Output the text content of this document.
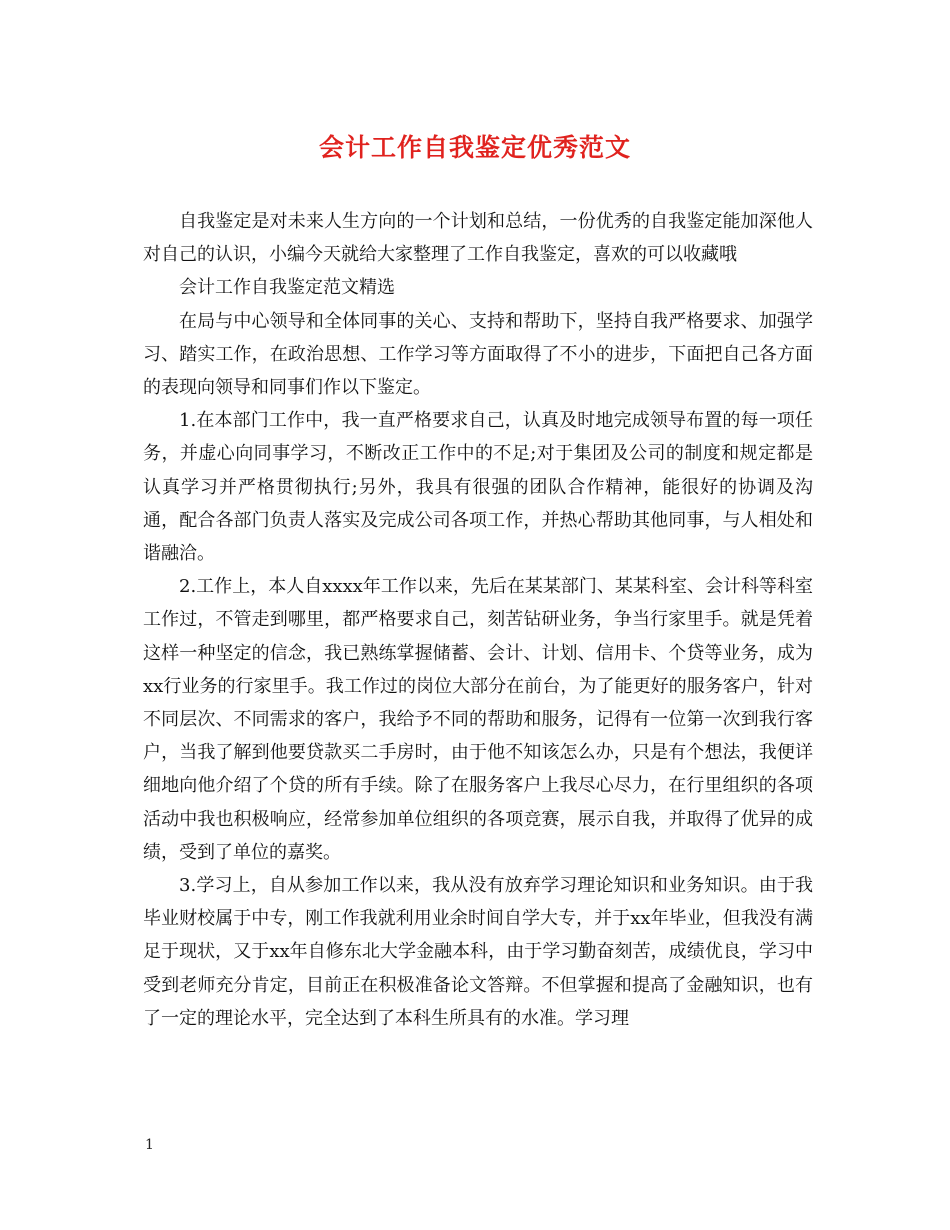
会计工作自我鉴定优秀范文

自我鉴定是对未来人生方向的一个计划和总结，一份优秀的自我鉴定能加深他人对自己的认识，小编今天就给大家整理了工作自我鉴定，喜欢的可以收藏哦

会计工作自我鉴定范文精选

在局与中心领导和全体同事的关心、支持和帮助下，坚持自我严格要求、加强学习、踏实工作，在政治思想、工作学习等方面取得了不小的进步，下面把自己各方面的表现向领导和同事们作以下鉴定。

1.在本部门工作中，我一直严格要求自己，认真及时地完成领导布置的每一项任务，并虚心向同事学习，不断改正工作中的不足;对于集团及公司的制度和规定都是认真学习并严格贯彻执行;另外，我具有很强的团队合作精神，能很好的协调及沟通，配合各部门负责人落实及完成公司各项工作，并热心帮助其他同事，与人相处和谐融洽。

2.工作上，本人自xxxx年工作以来，先后在某某部门、某某科室、会计科等科室工作过，不管走到哪里，都严格要求自己，刻苦钻研业务，争当行家里手。就是凭着这样一种坚定的信念，我已熟练掌握储蓄、会计、计划、信用卡、个贷等业务，成为xx行业务的行家里手。我工作过的岗位大部分在前台，为了能更好的服务客户，针对不同层次、不同需求的客户，我给予不同的帮助和服务，记得有一位第一次到我行客户，当我了解到他要贷款买二手房时，由于他不知该怎么办，只是有个想法，我便详细地向他介绍了个贷的所有手续。除了在服务客户上我尽心尽力，在行里组织的各项活动中我也积极响应，经常参加单位组织的各项竞赛，展示自我，并取得了优异的成绩，受到了单位的嘉奖。

3.学习上，自从参加工作以来，我从没有放弃学习理论知识和业务知识。由于我毕业财校属于中专，刚工作我就利用业余时间自学大专，并于xx年毕业，但我没有满足于现状，又于xx年自修东北大学金融本科，由于学习勤奋刻苦，成绩优良，学习中受到老师充分肯定，目前正在积极准备论文答辩。不但掌握和提高了金融知识，也有了一定的理论水平，完全达到了本科生所具有的水准。学习理

1
